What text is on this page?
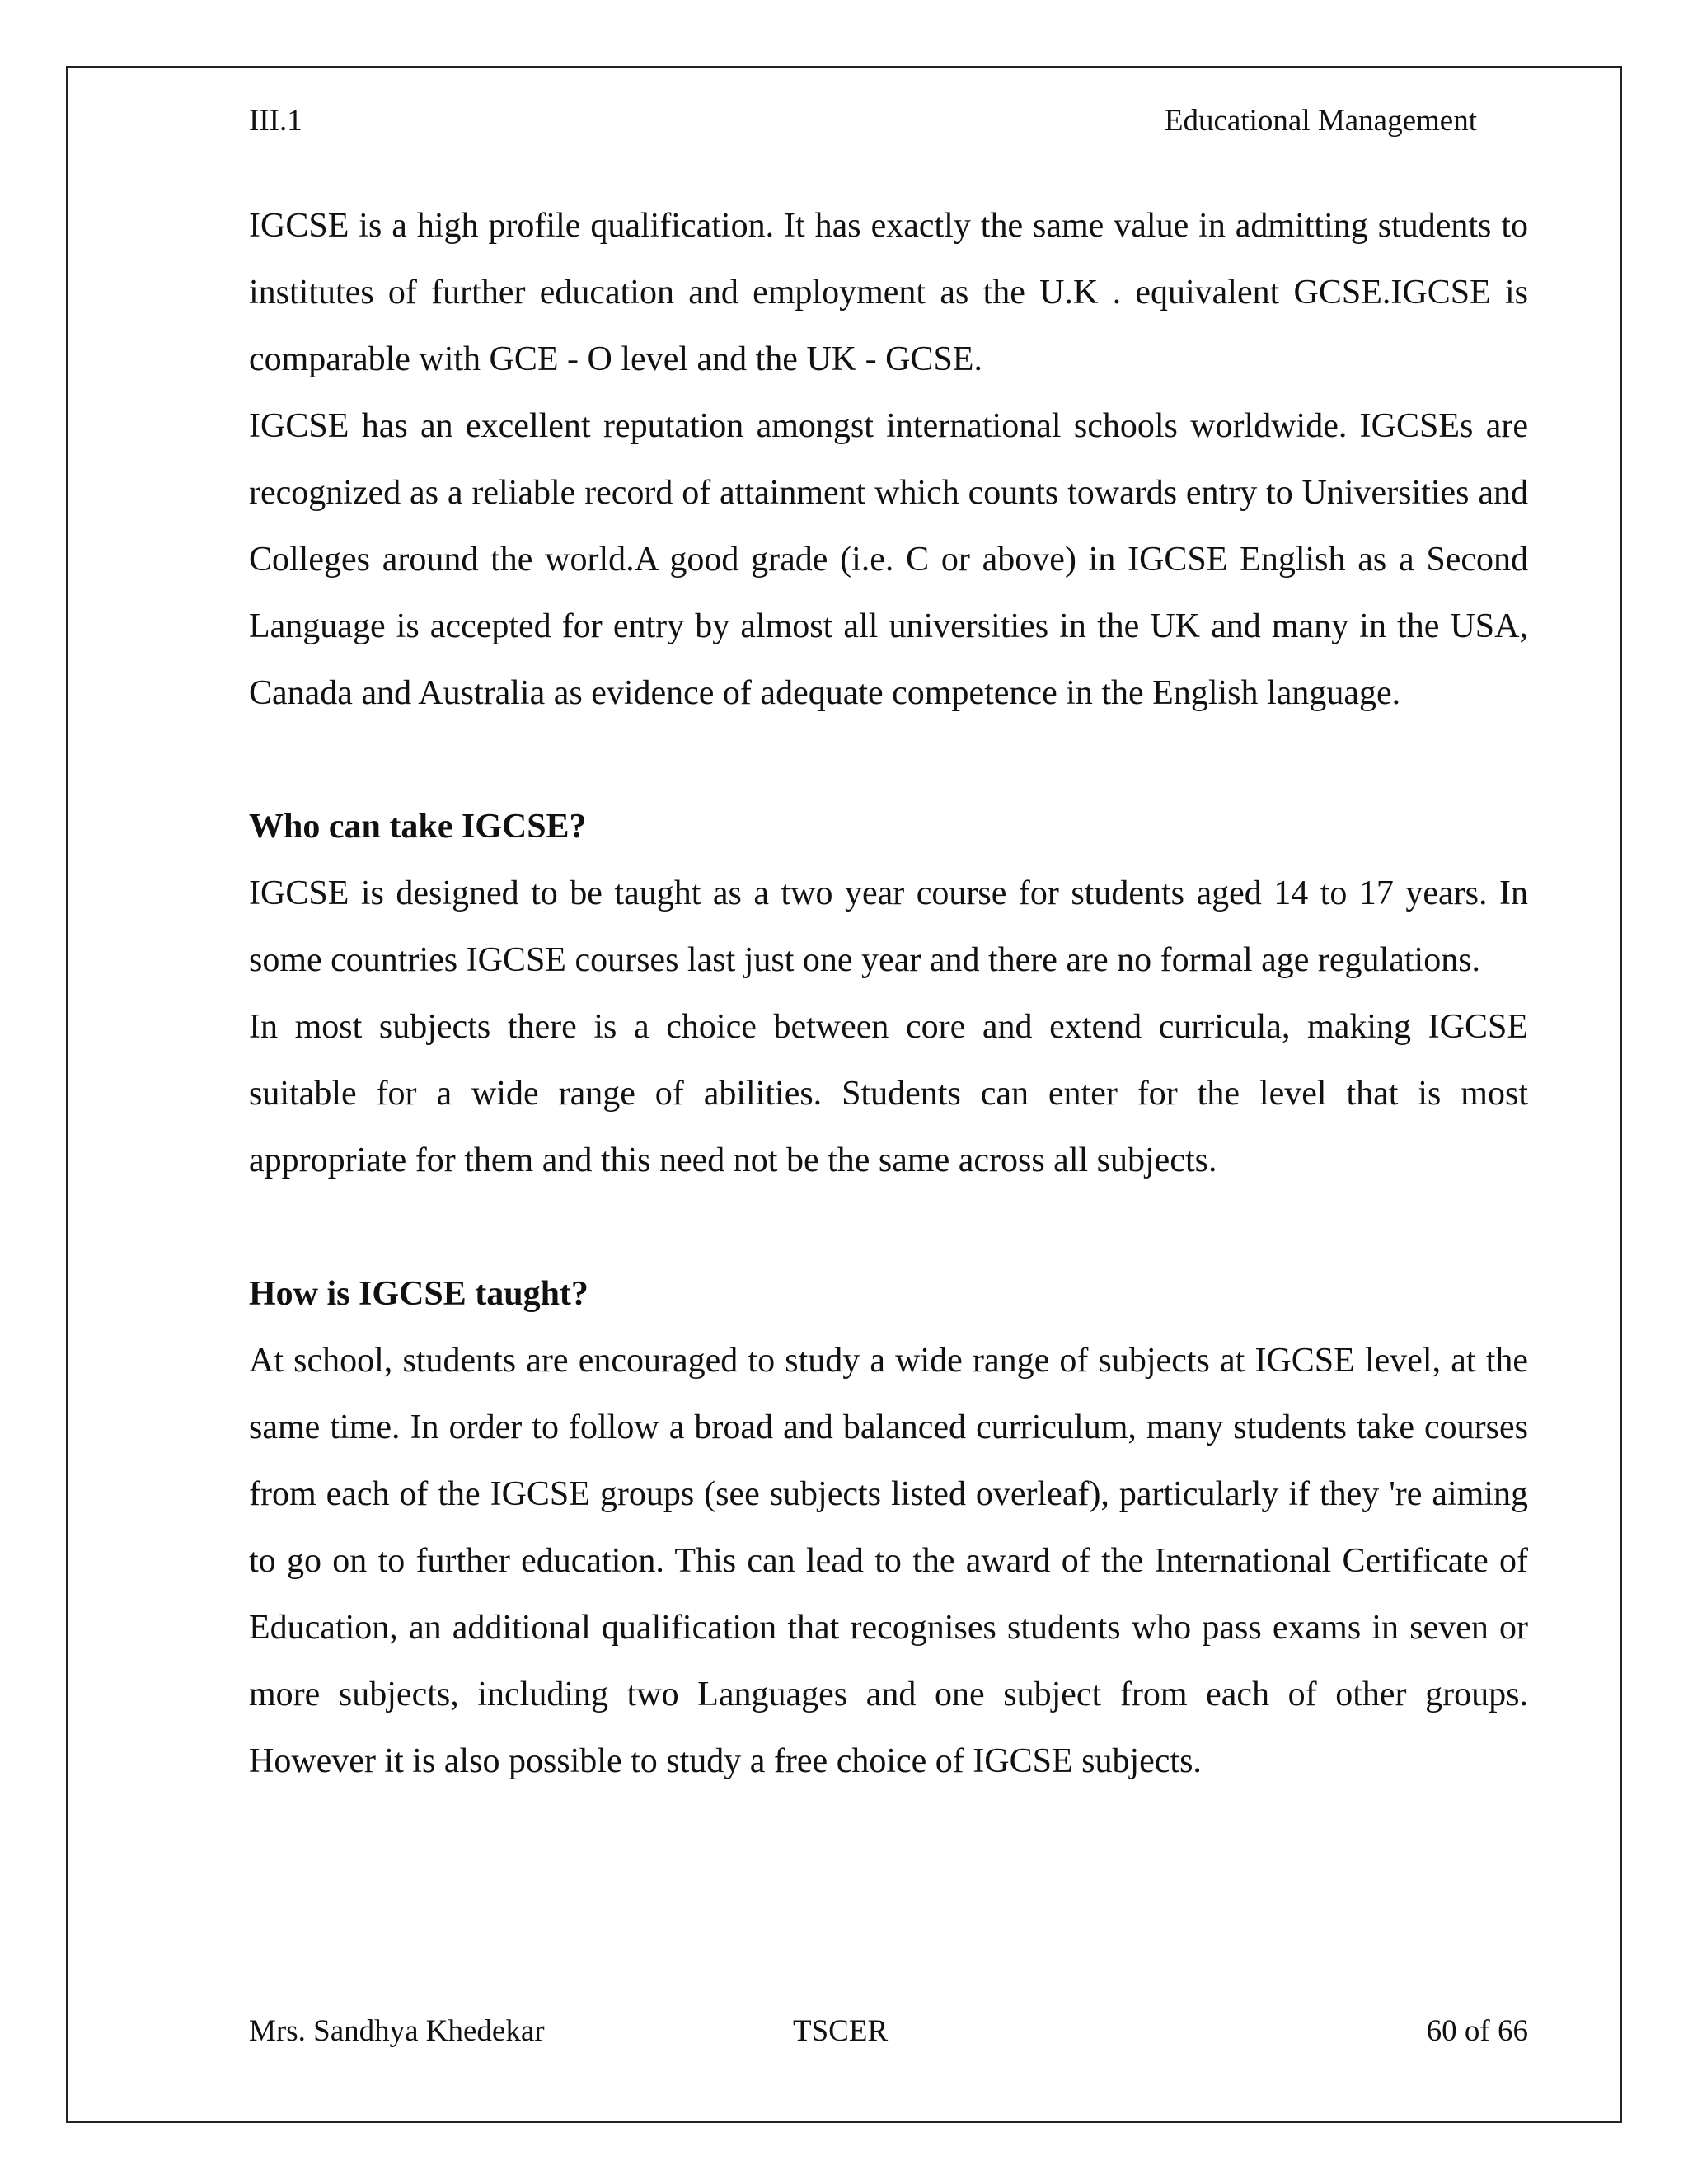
III.1	Educational Management

IGCSE is a high profile qualification. It has exactly the same value in admitting students to institutes of further education and employment as the U.K . equivalent GCSE.IGCSE is comparable with GCE - O level and the UK - GCSE.

IGCSE has an excellent reputation amongst international schools worldwide. IGCSEs are recognized as a reliable record of attainment which counts towards entry to Universities and Colleges around the world.A good grade (i.e. C or above) in IGCSE English as a Second Language is accepted for entry by almost all universities in the UK and many in the USA, Canada and Australia as evidence of adequate competence in the English language.

Who can take IGCSE?

IGCSE is designed to be taught as a two year course for students aged 14 to 17 years. In some countries IGCSE courses last just one year and there are no formal age regulations.

In most subjects there is a choice between core and extend curricula, making IGCSE suitable for a wide range of abilities. Students can enter for the level that is most appropriate for them and this need not be the same across all subjects.

How is IGCSE taught?

At school, students are encouraged to study a wide range of subjects at IGCSE level, at the same time. In order to follow a broad and balanced curriculum, many students take courses from each of the IGCSE groups (see subjects listed overleaf), particularly if they 're aiming to go on to further education. This can lead to the award of the International Certificate of Education, an additional qualification that recognises students who pass exams in seven or more subjects, including two Languages and one subject from each of other groups. However it is also possible to study a free choice of IGCSE subjects.

Mrs. Sandhya Khedekar	TSCER	60 of 66
